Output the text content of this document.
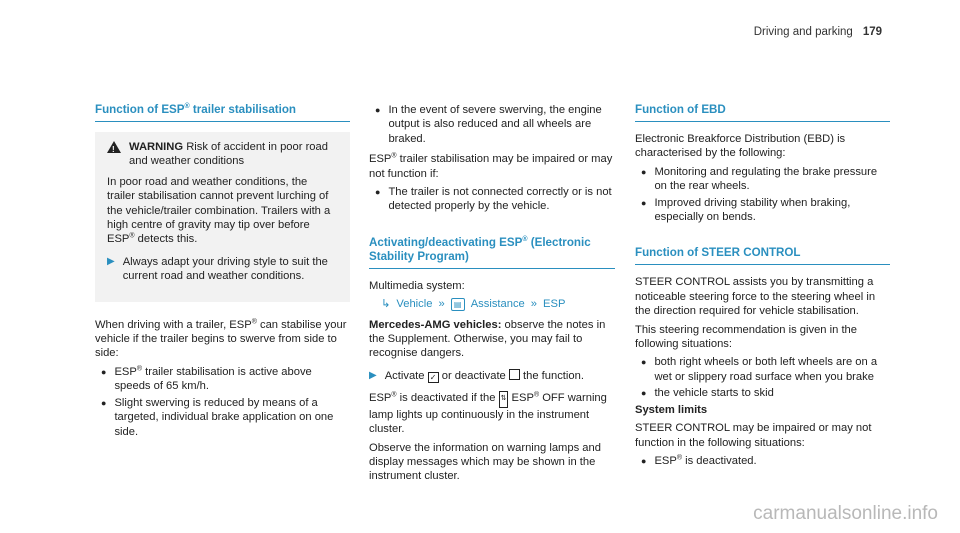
Driving and parking 179
Function of ESP® trailer stabilisation
!
WARNING Risk of accident in poor road and weather conditions

In poor road and weather conditions, the trailer stabilisation cannot prevent lurching of the vehicle/trailer combination. Trailers with a high centre of gravity may tip over before ESP® detects this.

▶ Always adapt your driving style to suit the current road and weather conditions.

When driving with a trailer, ESP® can stabilise your vehicle if the trailer begins to swerve from side to side:

● ESP® trailer stabilisation is active above speeds of 65 km/h.
● Slight swerving is reduced by means of a targeted, individual brake application on one side.
● In the event of severe swerving, the engine output is also reduced and all wheels are braked.

ESP® trailer stabilisation may be impaired or may not function if:

● The trailer is not connected correctly or is not detected properly by the vehicle.
Activating/deactivating ESP® (Electronic Stability Program)

Multimedia system:

↳ Vehicle »	▤ Assistance » ESP

Mercedes-AMG vehicles: observe the notes in the Supplement. Otherwise, you may fail to recognise dangers.

▶ Activate ✓ or deactivate the function.

ESP® is deactivated if the ⇅ ESP® OFF warning lamp lights up continuously in the instrument cluster.

Observe the information on warning lamps and display messages which may be shown in the instrument cluster.

Function of EBD

Electronic Breakforce Distribution (EBD) is characterised by the following:

● Monitoring and regulating the brake pressure on the rear wheels.
● Improved driving stability when braking, especially on bends.
Function of STEER CONTROL

STEER CONTROL assists you by transmitting a noticeable steering force to the steering wheel in the direction required for vehicle stabilisation.

This steering recommendation is given in the following situations:

● both right wheels or both left wheels are on a wet or slippery road surface when you brake
● the vehicle starts to skid

System limits

STEER CONTROL may be impaired or may not function in the following situations:

● ESP® is deactivated.
carmanualsonline.info
